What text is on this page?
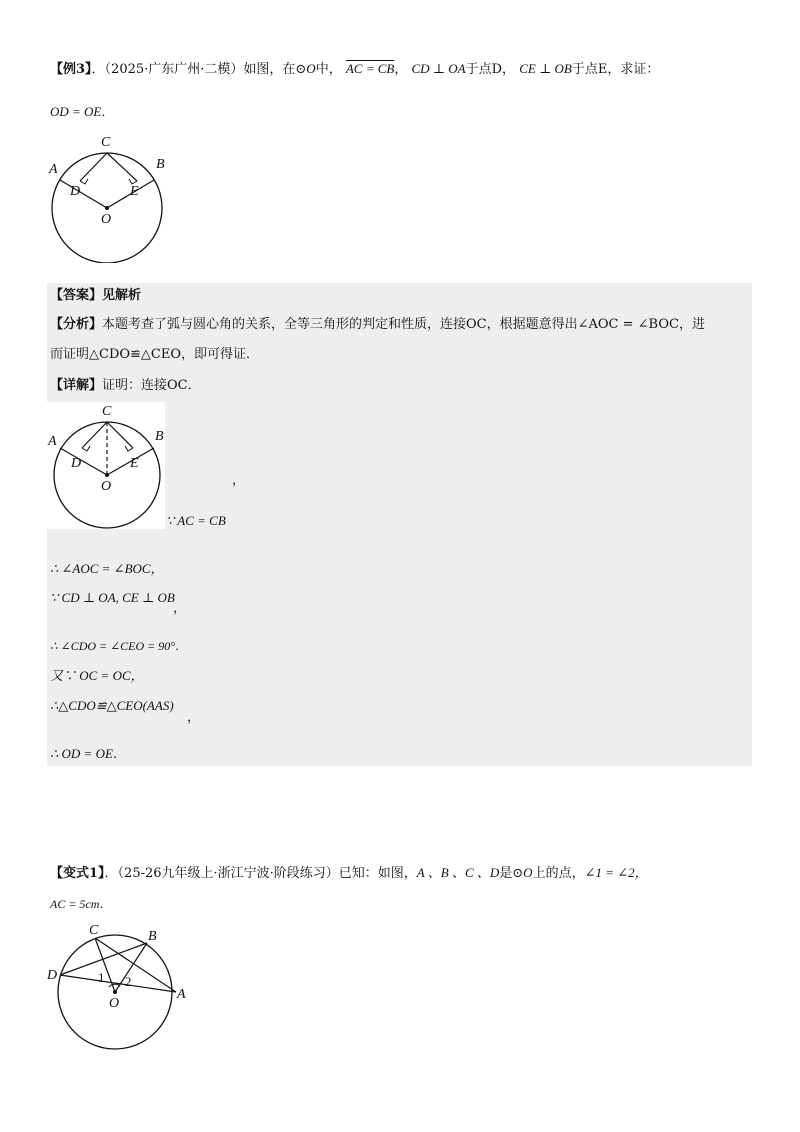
【例3】．（2025·广东广州·二模）如图，在⊙O中， AC = CB， CD ⊥ OA于点D， CE ⊥ OB于点E，求证：
OD = OE．
C
A	B
D	E
O
【答案】见解析
【分析】本题考查了弧与圆心角的关系，全等三角形的判定和性质，连接OC，根据题意得出∠AOC = ∠BOC，进
而证明△CDO≌△CEO，即可得证．
【详解】证明：连接OC．
C
A	B
D	E
O	，
∵ AC = CB
∴ ∠AOC = ∠BOC，
∵ CD ⊥ OA, CE ⊥ OB
，
∴ ∠CDO = ∠CEO = 90°．
又∵ OC = OC，
∴△CDO≌△CEO(AAS)
，
∴ OD = OE．
【变式1】．（25-26九年级上·浙江宁波·阶段练习）已知：如图，A 、B 、C 、D是⊙O上的点，∠1 = ∠2，
AC = 5cm．
C	B
D
A
O
1 2
